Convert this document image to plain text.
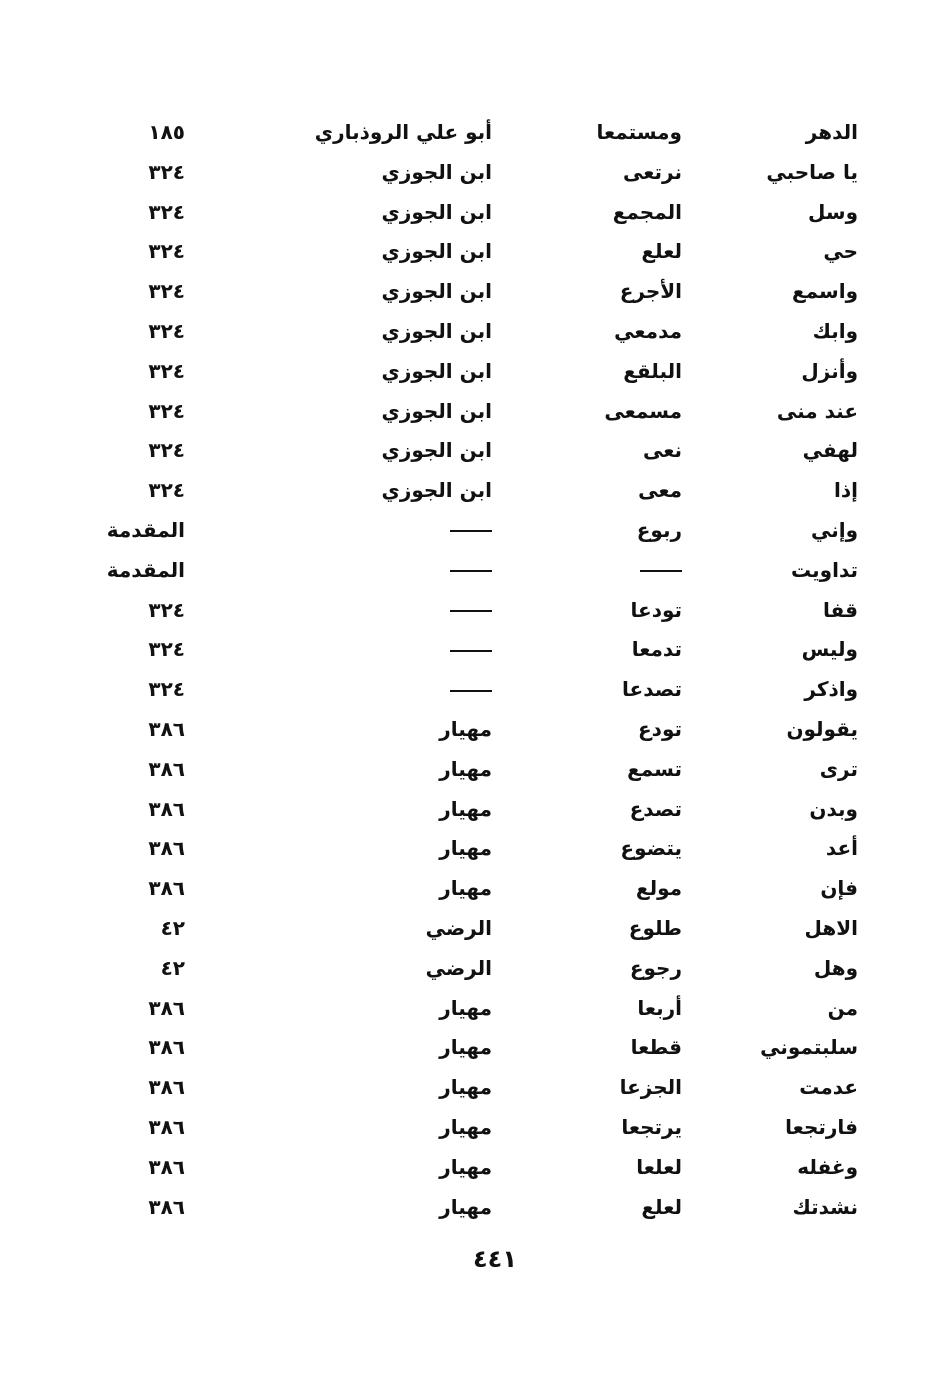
الدهر
ومستمعا
أبو علي الروذباري
١٨٥
يا صاحبي
نرتعى
ابن الجوزي
٣٢٤
وسل
المجمع
ابن الجوزي
٣٢٤
حي
لعلع
ابن الجوزي
٣٢٤
واسمع
الأجرع
ابن الجوزي
٣٢٤
وابك
مدمعي
ابن الجوزي
٣٢٤
وأنزل
البلقع
ابن الجوزي
٣٢٤
عند منى
مسمعى
ابن الجوزي
٣٢٤
لهفي
نعى
ابن الجوزي
٣٢٤
إذا
معى
ابن الجوزي
٣٢٤
وإني
ربوع
المقدمة
تداويت
المقدمة
قفا
تودعا
٣٢٤
وليس
تدمعا
٣٢٤
واذكر
تصدعا
٣٢٤
يقولون
تودع
مهيار
٣٨٦
ترى
تسمع
مهيار
٣٨٦
وبدن
تصدع
مهيار
٣٨٦
أعد
يتضوع
مهيار
٣٨٦
فإن
مولع
مهيار
٣٨٦
الاهل
طلوع
الرضي
٤٢
وهل
رجوع
الرضي
٤٢
من
أربعا
مهيار
٣٨٦
سلبتموني
قطعا
مهيار
٣٨٦
عدمت
الجزعا
مهيار
٣٨٦
فارتجعا
يرتجعا
مهيار
٣٨٦
وغفله
لعلعا
مهيار
٣٨٦
نشدتك
لعلع
مهيار
٣٨٦
٤٤١
